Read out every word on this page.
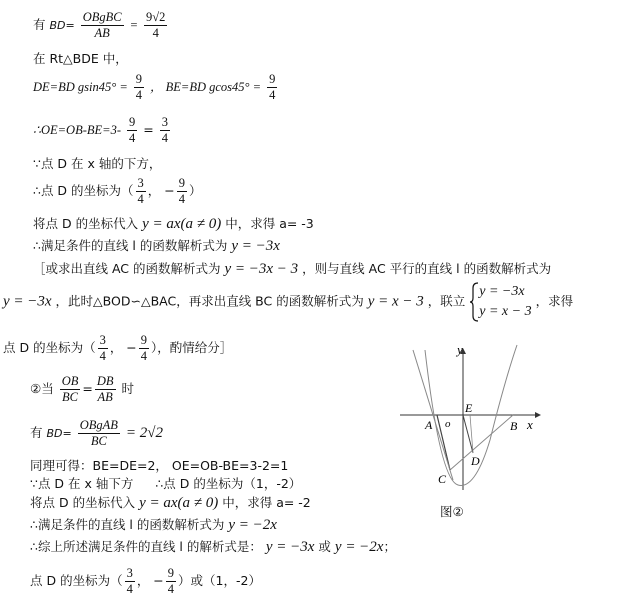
有 BD=
OBgBC
AB
= $\frac{9√2}{4}$
在 Rt△BDE 中，
DE=BD $gsin45^\circ = \frac{9}{4}$ ， BE=BD $gcos45^\circ = \frac{9}{4}$
∴OE=OB-BE=3- $\frac{9}{4} = \frac{3}{4}$
∵点 D 在 x 轴的下方，
∴点 D 的坐标为（ $\frac{3}{4}$ ， − $\frac{9}{4}$ ）
将点 D 的坐标代入 y = ax(a ≠ 0) 中，求得 a= -3
∴满足条件的直线 l 的函数解析式为 y = −3x
［或求出直线 AC 的函数解析式为 y = −3x − 3 ，则与直线 AC 平行的直线 l 的函数解析式为
y = −3x ，此时△BOD∽△BAC，再求出直线 BC 的函数解析式为 y = x − 3 ，联立
y = −3x
y = x − 3
，求得
点 D 的坐标为（ $\frac{3}{4}$ ， − $\frac{9}{4}$ ），酌情给分］
②当 $\frac{OB}{BC} = \frac{DB}{AB}$ 时
有 BD=
OBgAB
BC	= 2√2
同理可得：BE=DE=2， OE=OB-BE=3-2=1
∵点 D 在 x 轴下方 ∴点 D 的坐标为（1，-2）
将点 D 的坐标代入 y = ax(a ≠ 0) 中，求得 a= -2
∴满足条件的直线 l 的函数解析式为 y = −2x
∴综上所述满足条件的直线 l 的解析式是： y = −3x 或 y = −2x；
点 D 的坐标为（ $\frac{3}{4}$ ， − $\frac{9}{4}$ ）或（1，-2）
y
x
E
A o	B
D
C
图②
